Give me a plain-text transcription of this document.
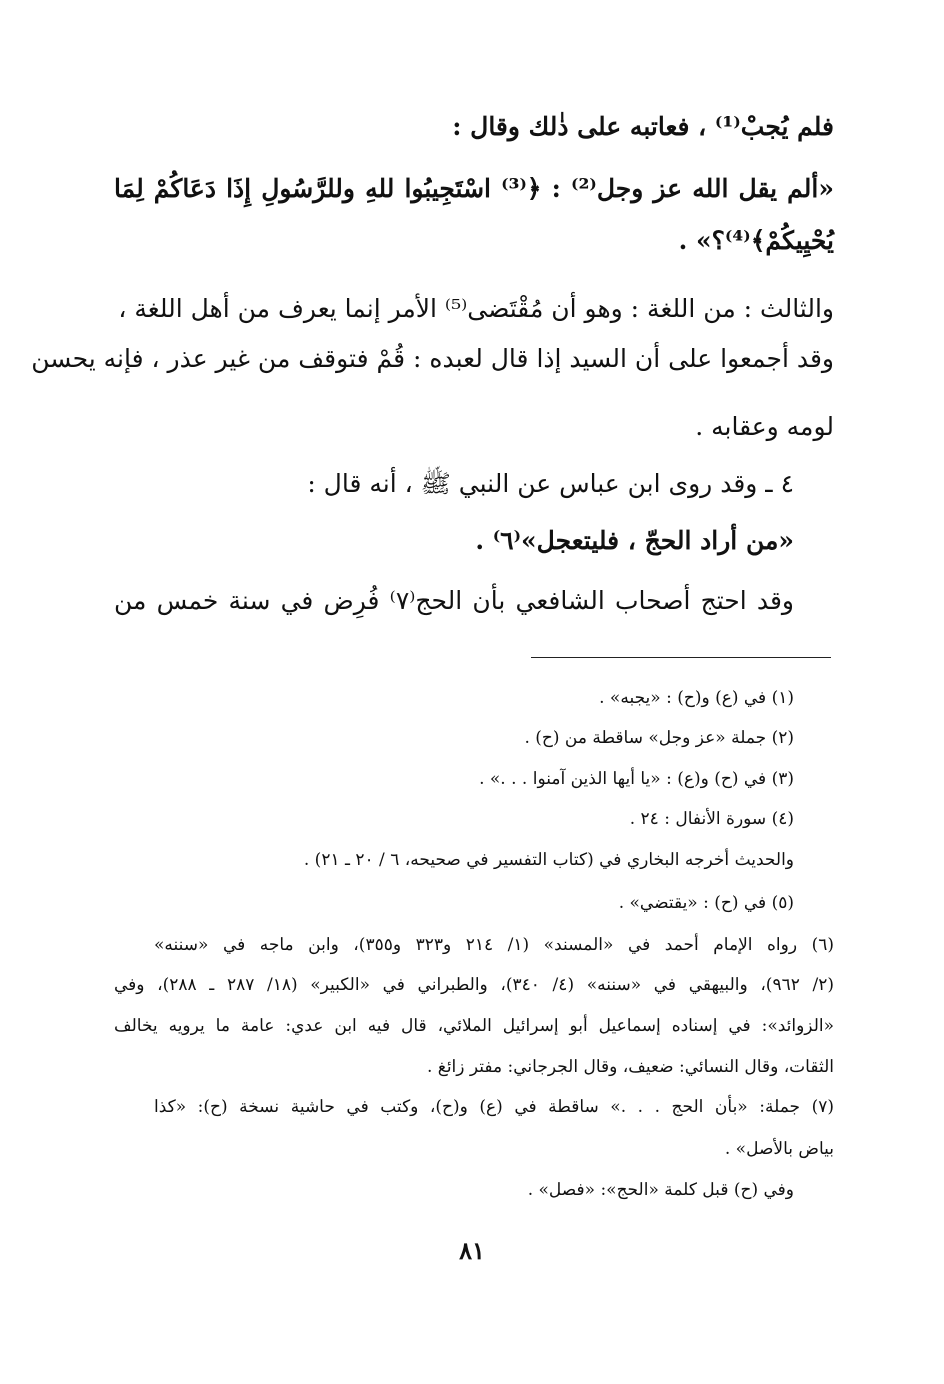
فلم يُجبْ⁽¹⁾ ، فعاتبه على ذٰلك وقال :
«ألم يقل الله عز وجل⁽²⁾ : ﴿⁽³⁾ اسْتَجِيبُوا للهِ وللرَّسُولِ إِذَا دَعَاكُمْ لِمَا
يُحْيِيكُمْ﴾⁽⁴⁾؟» .
والثالث : من اللغة : وهو أن مُقْتَضى⁽⁵⁾ الأمر إنما يعرف من أهل اللغة ،
وقد أجمعوا على أن السيد إذا قال لعبده : قُمْ فتوقف من غير عذر ، فإنه يحسن
لومه وعقابه .
٤ ـ وقد روى ابن عباس عن النبي ﷺ ، أنه قال :
«من أراد الحجّ ، فليتعجل»⁽٦⁾ .
وقد احتج أصحاب الشافعي بأن الحج⁽٧⁾ فُرِض في سنة خمس من
(١) في (ع) و(ح) : «يجبه» .
(٢) جملة «عز وجل» ساقطة من (ح) .
(٣) في (ح) و(ع) : «يا أيها الذين آمنوا . . .» .
(٤) سورة الأنفال : ٢٤ .
والحديث أخرجه البخاري في (كتاب التفسير في صحيحه، ٦ / ٢٠ ـ ٢١) .
(٥) في (ح) : «يقتضي» .
(٦) رواه الإمام أحمد في «المسند» (١/ ٢١٤ و٣٢٣ و٣٥٥)، وابن ماجه في «سننه»
(٢/ ٩٦٢)، والبيهقي في «سننه» (٤/ ٣٤٠)، والطبراني في «الكبير» (١٨/ ٢٨٧ ـ ٢٨٨)، وفي
«الزوائد»: في إسناده إسماعيل أبو إسرائيل الملائي، قال فيه ابن عدي: عامة ما يرويه يخالف
الثقات، وقال النسائي: ضعيف، وقال الجرجاني: مفتر زائغ .
(٧) جملة: «بأن الحج . . .» ساقطة في (ع) و(ح)، وكتب في حاشية نسخة (ح): «كذا
بياض بالأصل» .
وفي (ح) قبل كلمة «الحج»: «فصل» .
٨١
